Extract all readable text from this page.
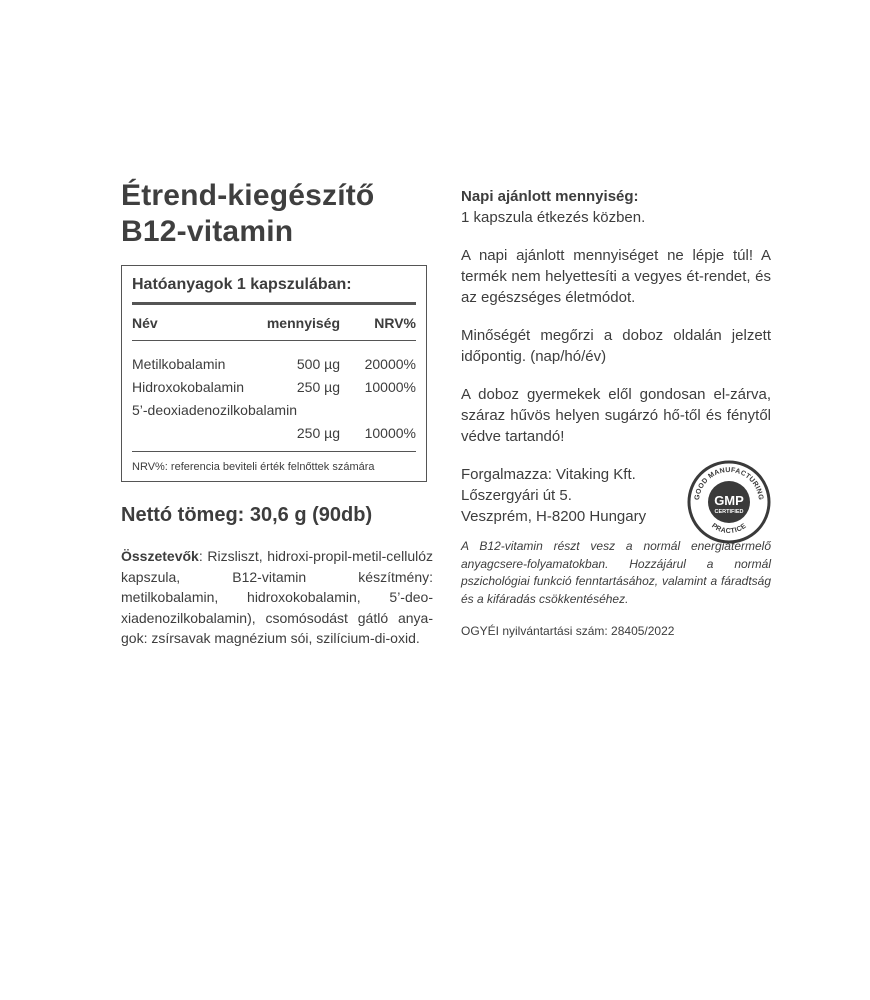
Étrend-kiegészítő
B12-vitamin
Hatóanyagok 1 kapszulában:
Név	mennyiség	NRV%
Metilkobalamin	500 µg	20000%
Hidroxokobalamin	250 µg	10000%
5’-deoxiadenozilkobalamin
250 µg	10000%
NRV%: referencia beviteli érték felnőttek számára
Nettó tömeg: 30,6 g (90db)
Összetevők: Rizsliszt, hidroxi-propil-metil-cellulóz kapszula, B12-vitamin készítmény: metilkobalamin, hidroxokobalamin, 5’-deo-xiadenozilkobalamin), csomósodást gátló anya-gok: zsírsavak magnézium sói, szilícium-di-oxid.
Napi ajánlott mennyiség:
1 kapszula étkezés közben.
A napi ajánlott mennyiséget ne lépje túl! A termék nem helyettesíti a vegyes ét-rendet, és az egészséges életmódot.
Minőségét megőrzi a doboz oldalán jelzett időpontig. (nap/hó/év)
A doboz gyermekek elől gondosan el-zárva, száraz hűvös helyen sugárzó hő-től és fénytől védve tartandó!
Forgalmazza: Vitaking Kft.
Lőszergyári út 5.
Veszprém, H-8200 Hungary
GOOD MANUFACTURING
PRACTICE
GMP
CERTIFIED
A B12-vitamin részt vesz a normál energiatermelő anyagcsere-folyamatokban. Hozzájárul a normál pszichológiai funkció fenntartásához, valamint a fáradtság és a kifáradás csökkentéséhez.
OGYÉI nyilvántartási szám: 28405/2022
